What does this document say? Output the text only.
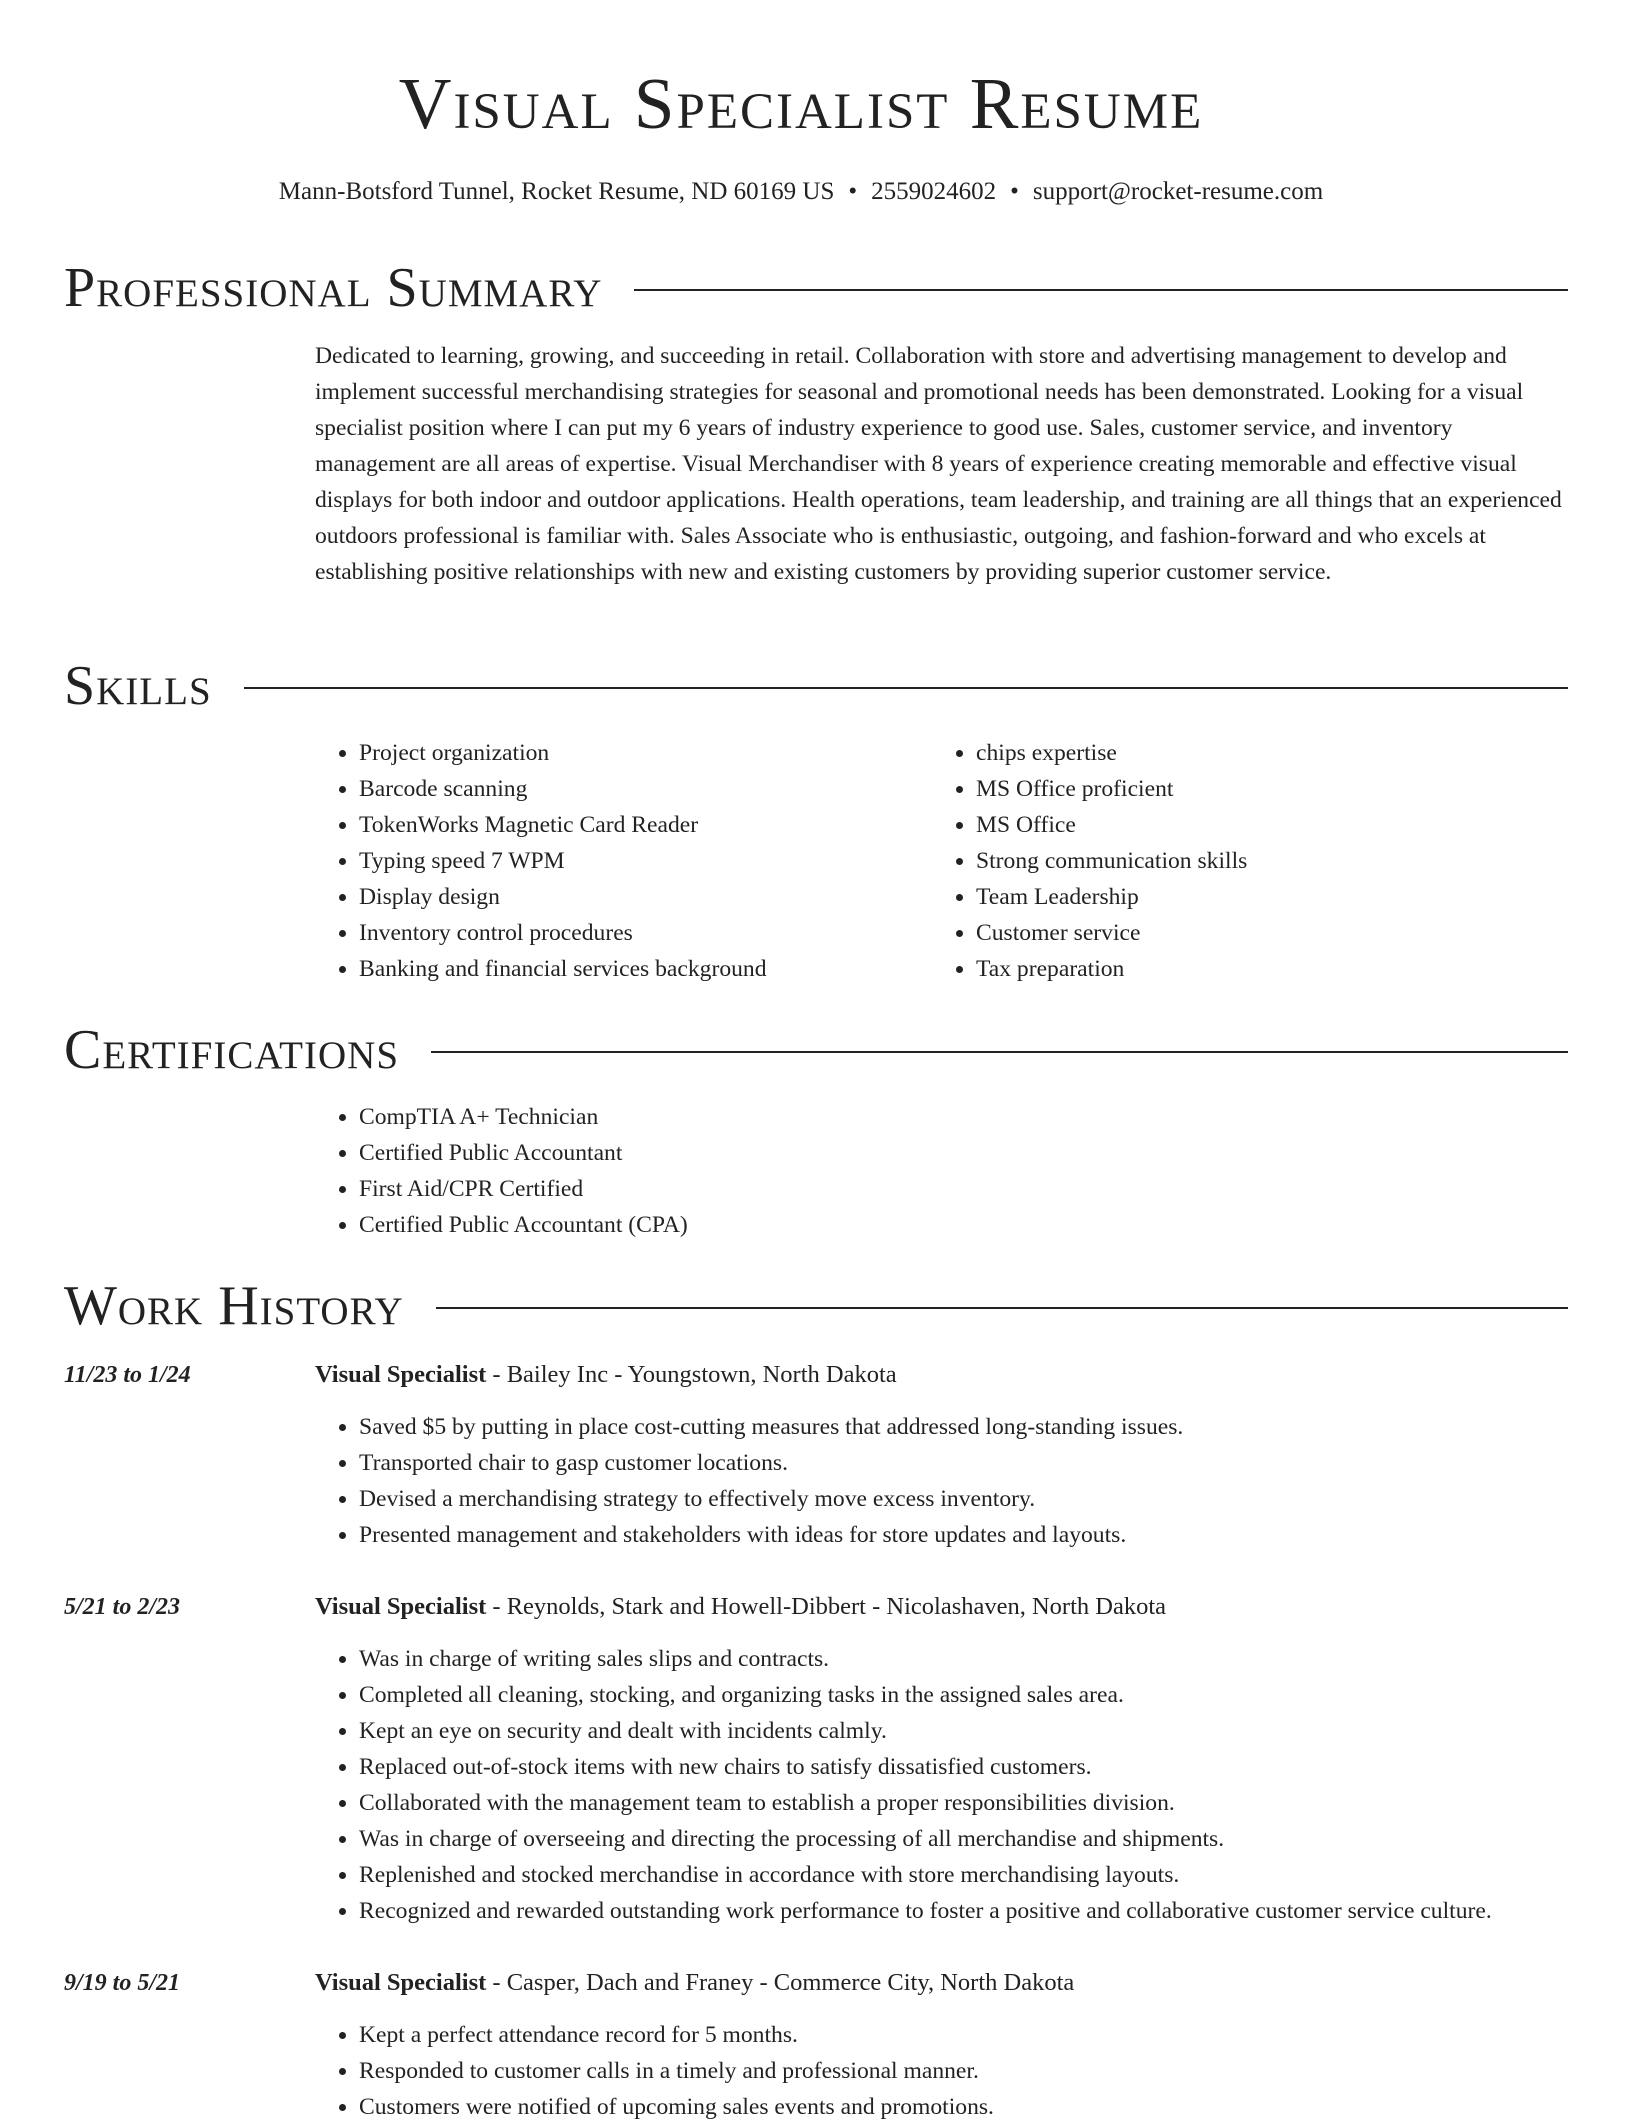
Visual Specialist Resume
Mann-Botsford Tunnel, Rocket Resume, ND 60169 US • 2559024602 • support@rocket-resume.com
Professional Summary

Dedicated to learning, growing, and succeeding in retail. Collaboration with store and advertising management to develop and implement successful merchandising strategies for seasonal and promotional needs has been demonstrated. Looking for a visual specialist position where I can put my 6 years of industry experience to good use. Sales, customer service, and inventory management are all areas of expertise. Visual Merchandiser with 8 years of experience creating memorable and effective visual displays for both indoor and outdoor applications. Health operations, team leadership, and training are all things that an experienced outdoors professional is familiar with. Sales Associate who is enthusiastic, outgoing, and fashion-forward and who excels at establishing positive relationships with new and existing customers by providing superior customer service.

Skills
• Project organization
• Barcode scanning
• TokenWorks Magnetic Card Reader
• Typing speed 7 WPM
• Display design
• Inventory control procedures
• Banking and financial services background
• chips expertise
• MS Office proficient
• MS Office
• Strong communication skills
• Team Leadership
• Customer service
• Tax preparation
Certifications
• CompTIA A+ Technician
• Certified Public Accountant
• First Aid/CPR Certified
• Certified Public Accountant (CPA)
Work History
11/23 to 1/24	Visual Specialist - Bailey Inc - Youngstown, North Dakota
• Saved $5 by putting in place cost-cutting measures that addressed long-standing issues.
• Transported chair to gasp customer locations.
• Devised a merchandising strategy to effectively move excess inventory.
• Presented management and stakeholders with ideas for store updates and layouts.
5/21 to 2/23	Visual Specialist - Reynolds, Stark and Howell-Dibbert - Nicolashaven, North Dakota
• Was in charge of writing sales slips and contracts.
• Completed all cleaning, stocking, and organizing tasks in the assigned sales area.
• Kept an eye on security and dealt with incidents calmly.
• Replaced out-of-stock items with new chairs to satisfy dissatisfied customers.
• Collaborated with the management team to establish a proper responsibilities division.
• Was in charge of overseeing and directing the processing of all merchandise and shipments.
• Replenished and stocked merchandise in accordance with store merchandising layouts.
• Recognized and rewarded outstanding work performance to foster a positive and collaborative customer service culture.
9/19 to 5/21	Visual Specialist - Casper, Dach and Franey - Commerce City, North Dakota
• Kept a perfect attendance record for 5 months.
• Responded to customer calls in a timely and professional manner.
• Customers were notified of upcoming sales events and promotions.
